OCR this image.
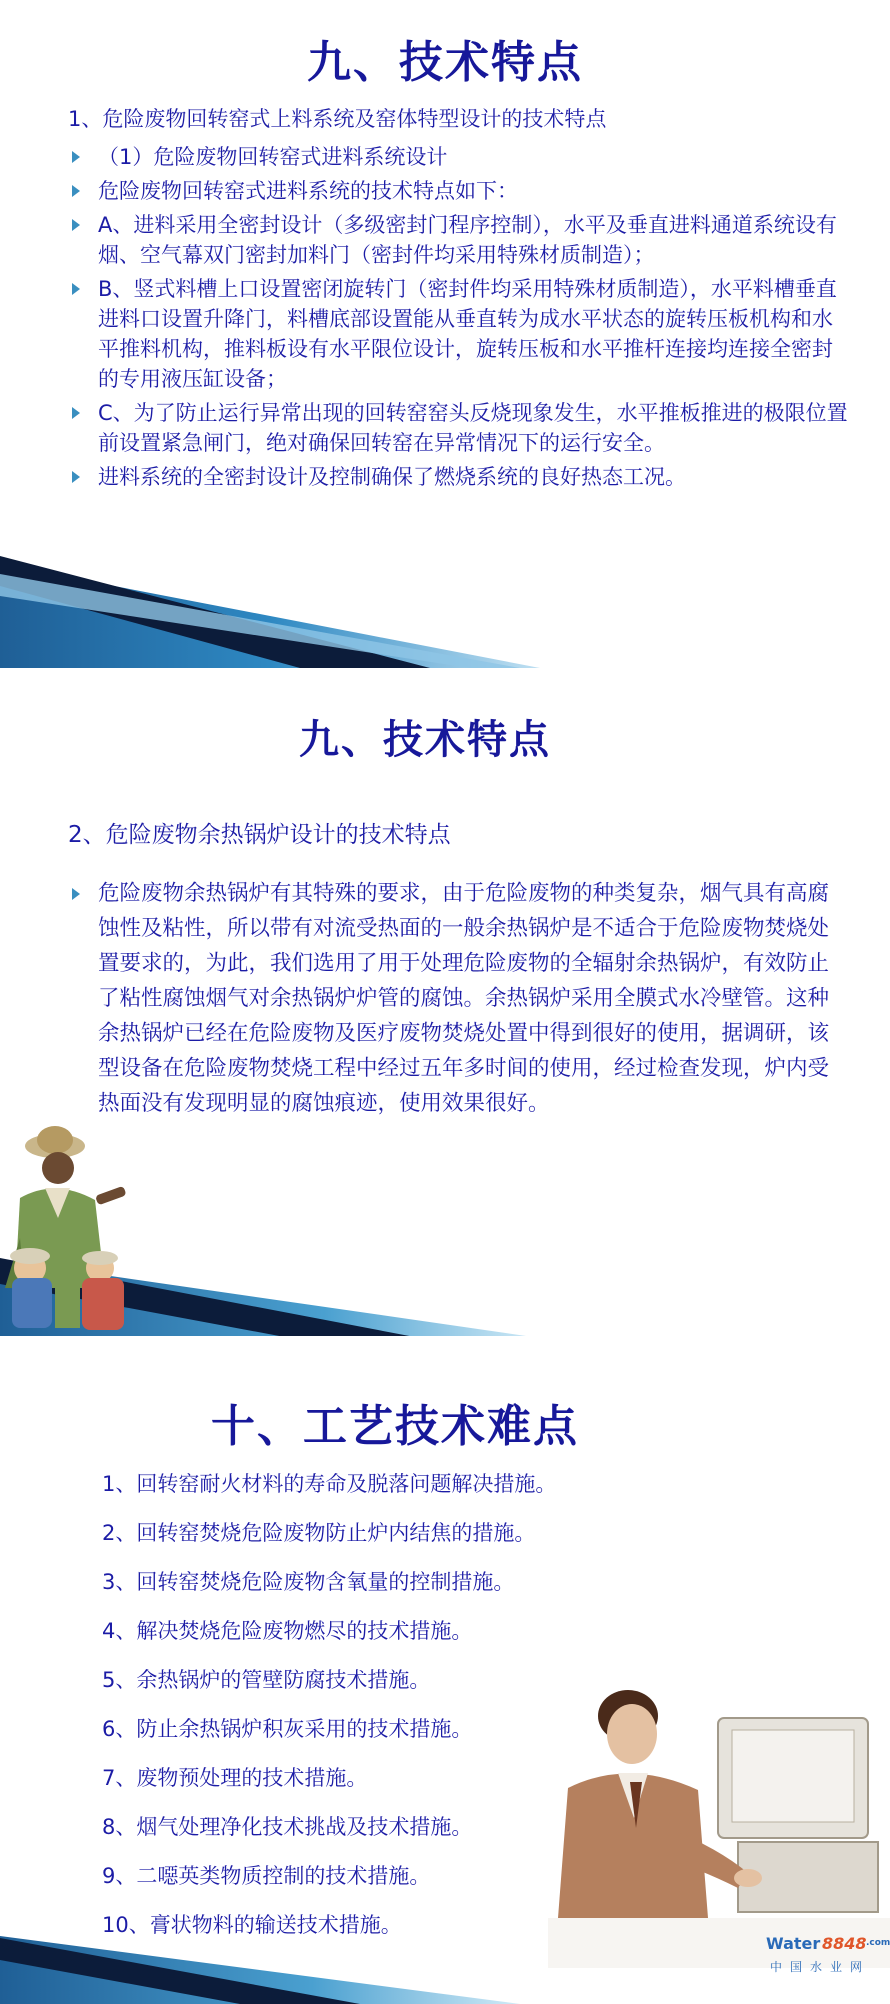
九、技术特点
1、危险废物回转窑式上料系统及窑体特型设计的技术特点
（1）危险废物回转窑式进料系统设计
危险废物回转窑式进料系统的技术特点如下：
A、进料采用全密封设计（多级密封门程序控制），水平及垂直进料通道系统设有烟、空气幕双门密封加料门（密封件均采用特殊材质制造）；
B、竖式料槽上口设置密闭旋转门（密封件均采用特殊材质制造），水平料槽垂直进料口设置升降门，料槽底部设置能从垂直转为成水平状态的旋转压板机构和水平推料机构，推料板设有水平限位设计，旋转压板和水平推杆连接均连接全密封的专用液压缸设备；
C、为了防止运行异常出现的回转窑窑头反烧现象发生，水平推板推进的极限位置前设置紧急闸门，绝对确保回转窑在异常情况下的运行安全。
进料系统的全密封设计及控制确保了燃烧系统的良好热态工况。
九、技术特点
2、危险废物余热锅炉设计的技术特点
危险废物余热锅炉有其特殊的要求，由于危险废物的种类复杂，烟气具有高腐蚀性及粘性，所以带有对流受热面的一般余热锅炉是不适合于危险废物焚烧处置要求的，为此，我们选用了用于处理危险废物的全辐射余热锅炉，有效防止了粘性腐蚀烟气对余热锅炉炉管的腐蚀。余热锅炉采用全膜式水冷壁管。这种余热锅炉已经在危险废物及医疗废物焚烧处置中得到很好的使用，据调研，该型设备在危险废物焚烧工程中经过五年多时间的使用，经过检查发现，炉内受热面没有发现明显的腐蚀痕迹，使用效果很好。
十、工艺技术难点
1、回转窑耐火材料的寿命及脱落问题解决措施。
2、回转窑焚烧危险废物防止炉内结焦的措施。
3、回转窑焚烧危险废物含氧量的控制措施。
4、解决焚烧危险废物燃尽的技术措施。
5、余热锅炉的管壁防腐技术措施。
6、防止余热锅炉积灰采用的技术措施。
7、废物预处理的技术措施。
8、烟气处理净化技术挑战及技术措施。
9、二噁英类物质控制的技术措施。
10、膏状物料的输送技术措施。
Water 8848 .com
中国水业网
